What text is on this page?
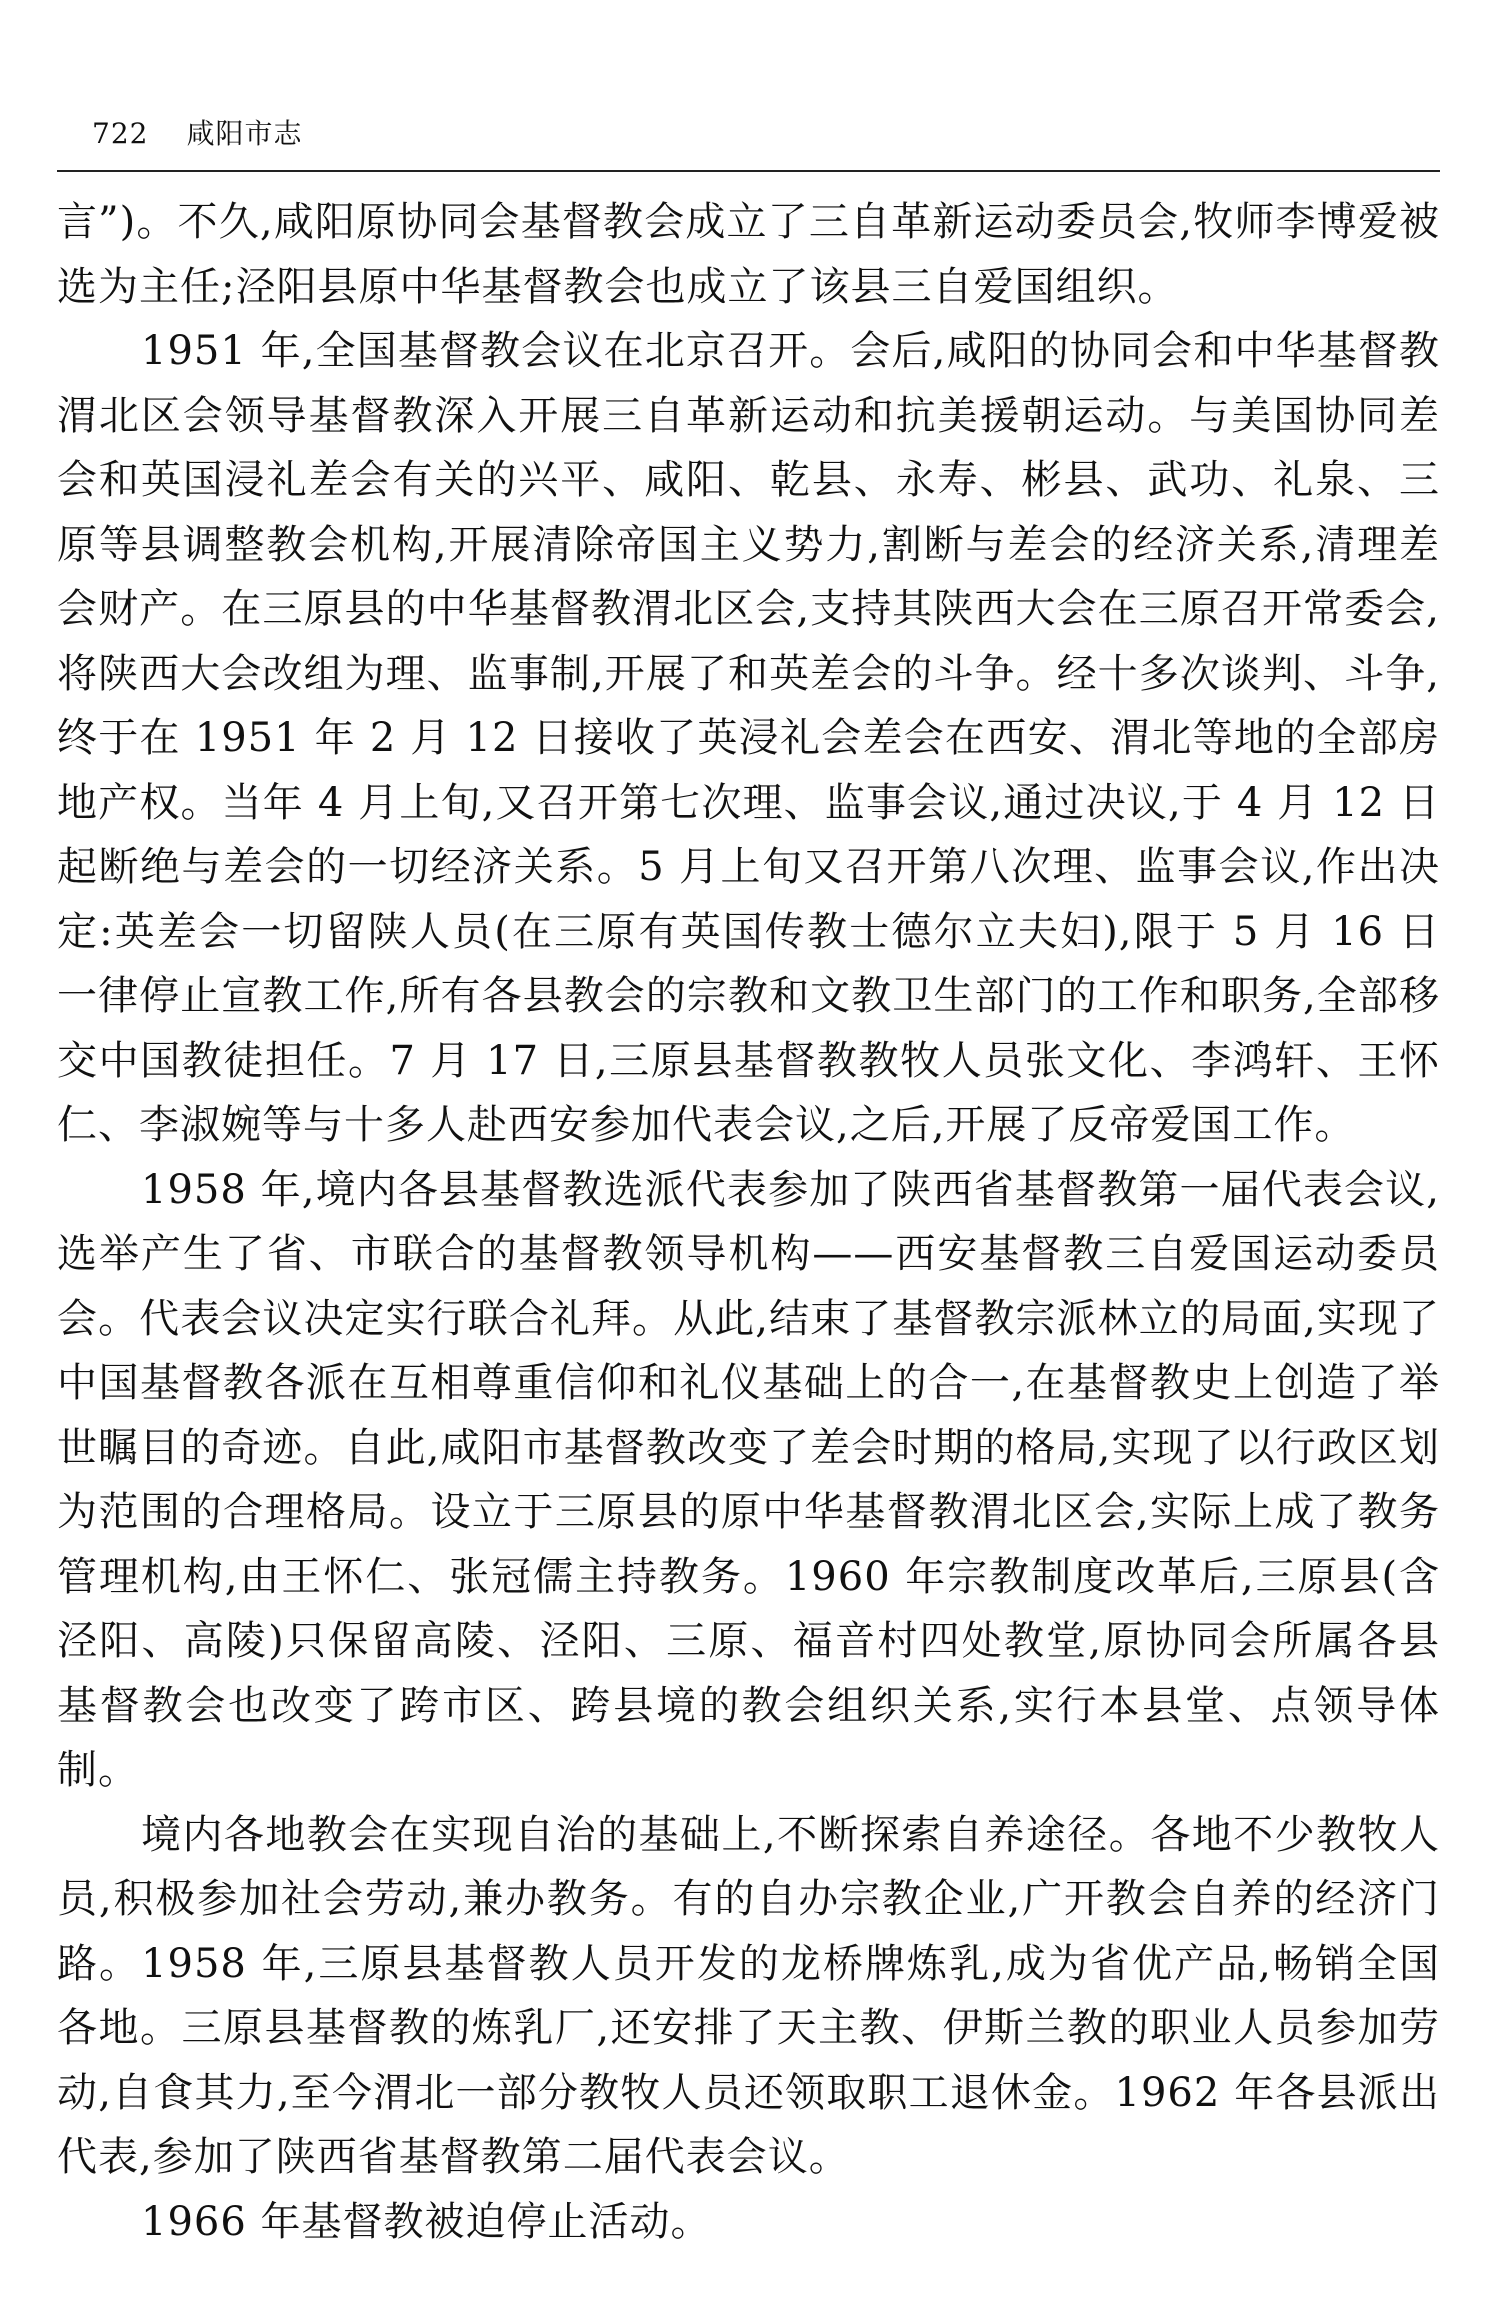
722 咸阳市志

言”)。不久,咸阳原协同会基督教会成立了三自革新运动委员会,牧师李博爱被选为主任;泾阳县原中华基督教会也成立了该县三自爱国组织。

1951 年,全国基督教会议在北京召开。会后,咸阳的协同会和中华基督教渭北区会领导基督教深入开展三自革新运动和抗美援朝运动。与美国协同差会和英国浸礼差会有关的兴平、咸阳、乾县、永寿、彬县、武功、礼泉、三原等县调整教会机构,开展清除帝国主义势力,割断与差会的经济关系,清理差会财产。在三原县的中华基督教渭北区会,支持其陕西大会在三原召开常委会,将陕西大会改组为理、监事制,开展了和英差会的斗争。经十多次谈判、斗争,终于在 1951 年 2 月 12 日接收了英浸礼会差会在西安、渭北等地的全部房地产权。当年 4 月上旬,又召开第七次理、监事会议,通过决议,于 4 月 12 日起断绝与差会的一切经济关系。5 月上旬又召开第八次理、监事会议,作出决定:英差会一切留陕人员(在三原有英国传教士德尔立夫妇),限于 5 月 16 日一律停止宣教工作,所有各县教会的宗教和文教卫生部门的工作和职务,全部移交中国教徒担任。7 月 17 日,三原县基督教教牧人员张文化、李鸿轩、王怀仁、李淑婉等与十多人赴西安参加代表会议,之后,开展了反帝爱国工作。

1958 年,境内各县基督教选派代表参加了陕西省基督教第一届代表会议,选举产生了省、市联合的基督教领导机构——西安基督教三自爱国运动委员会。代表会议决定实行联合礼拜。从此,结束了基督教宗派林立的局面,实现了中国基督教各派在互相尊重信仰和礼仪基础上的合一,在基督教史上创造了举世瞩目的奇迹。自此,咸阳市基督教改变了差会时期的格局,实现了以行政区划为范围的合理格局。设立于三原县的原中华基督教渭北区会,实际上成了教务管理机构,由王怀仁、张冠儒主持教务。1960 年宗教制度改革后,三原县(含泾阳、高陵)只保留高陵、泾阳、三原、福音村四处教堂,原协同会所属各县基督教会也改变了跨市区、跨县境的教会组织关系,实行本县堂、点领导体制。

境内各地教会在实现自治的基础上,不断探索自养途径。各地不少教牧人员,积极参加社会劳动,兼办教务。有的自办宗教企业,广开教会自养的经济门路。1958 年,三原县基督教人员开发的龙桥牌炼乳,成为省优产品,畅销全国各地。三原县基督教的炼乳厂,还安排了天主教、伊斯兰教的职业人员参加劳动,自食其力,至今渭北一部分教牧人员还领取职工退休金。1962 年各县派出代表,参加了陕西省基督教第二届代表会议。

1966 年基督教被迫停止活动。
